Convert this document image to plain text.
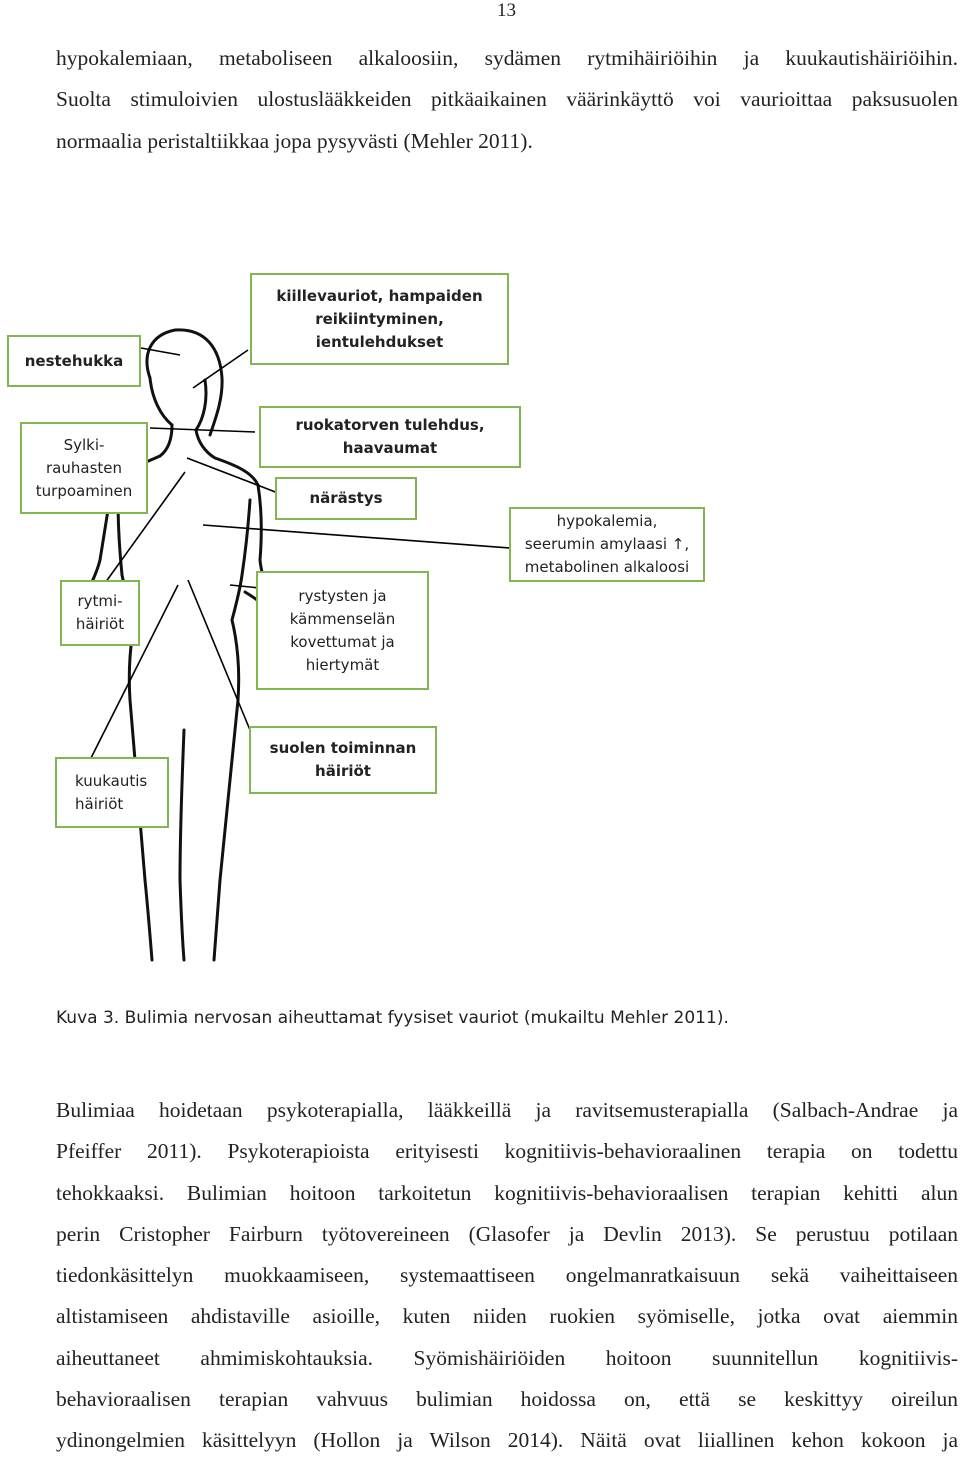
13
hypokalemiaan, metaboliseen alkaloosiin, sydämen rytmihäiriöihin ja kuukautishäiriöihin.
Suolta stimuloivien ulostuslääkkeiden pitkäaikainen väärinkäyttö voi vaurioittaa paksusuolen
normaalia peristaltiikkaa jopa pysyvästi (Mehler 2011).
nestehukka
kiillevauriot, hampaiden
reikiintyminen,
ientulehdukset
Sylki-
rauhasten
turpoaminen
ruokatorven tulehdus,
haavaumat
närästys
hypokalemia,
seerumin amylaasi ↑,
metabolinen alkaloosi
rytmi-
häiriöt
rystysten ja
kämmenselän
kovettumat ja
hiertymät
suolen toiminnan
häiriöt
kuukautis
häiriöt
Kuva 3. Bulimia nervosan aiheuttamat fyysiset vauriot (mukailtu Mehler 2011).
Bulimiaa hoidetaan psykoterapialla, lääkkeillä ja ravitsemusterapialla (Salbach-Andrae ja
Pfeiffer 2011). Psykoterapioista erityisesti kognitiivis-behavioraalinen terapia on todettu
tehokkaaksi. Bulimian hoitoon tarkoitetun kognitiivis-behavioraalisen terapian kehitti alun
perin Cristopher Fairburn työtovereineen (Glasofer ja Devlin 2013). Se perustuu potilaan
tiedonkäsittelyn muokkaamiseen, systemaattiseen ongelmanratkaisuun sekä vaiheittaiseen
altistamiseen ahdistaville asioille, kuten niiden ruokien syömiselle, jotka ovat aiemmin
aiheuttaneet ahmimiskohtauksia. Syömishäiriöiden hoitoon suunnitellun kognitiivis-
behavioraalisen terapian vahvuus bulimian hoidossa on, että se keskittyy oireilun
ydinongelmien käsittelyyn (Hollon ja Wilson 2014). Näitä ovat liiallinen kehon kokoon ja
